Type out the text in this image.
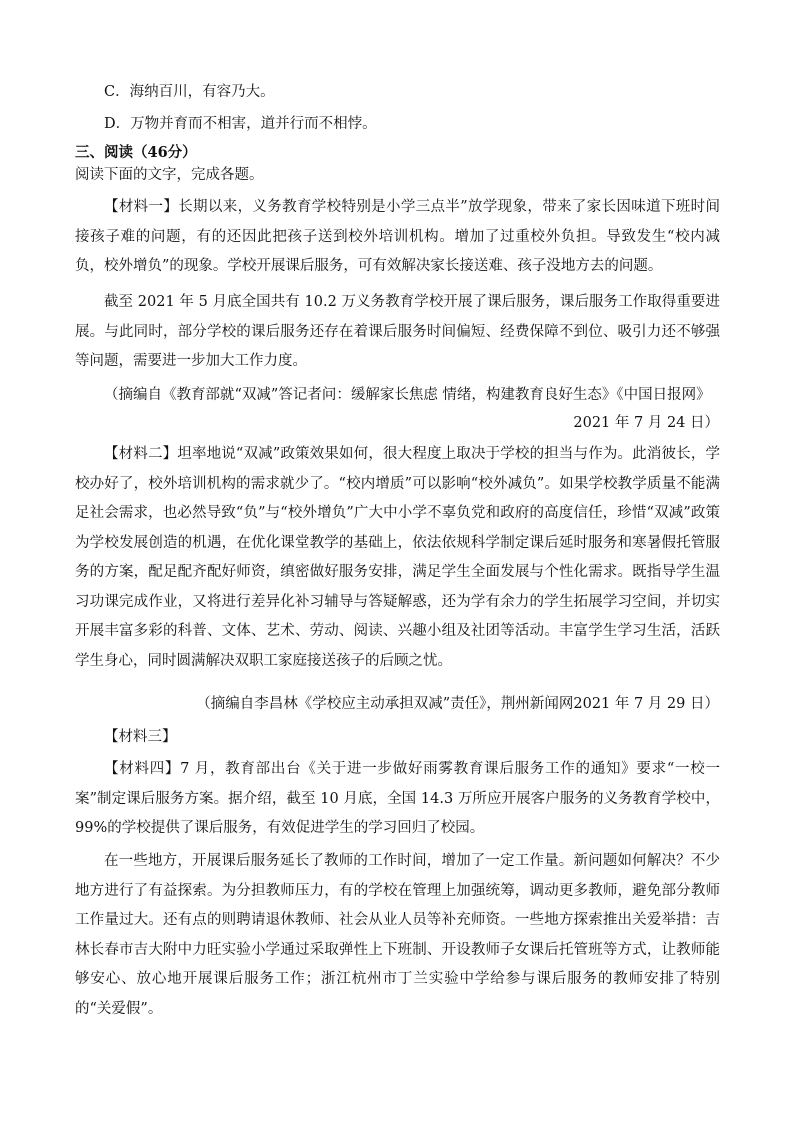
C．海纳百川，有容乃大。
D．万物并育而不相害，道并行而不相悖。
三、阅读（46分）
阅读下面的文字，完成各题。

【材料一】长期以来，义务教育学校特别是小学三点半”放学现象，带来了家长因味道下班时间接孩子难的问题，有的还因此把孩子送到校外培训机构。增加了过重校外负担。导致发生“校内减负，校外增负”的现象。学校开展课后服务，可有效解决家长接送难、孩子没地方去的问题。

截至 2021 年 5 月底全国共有 10.2 万义务教育学校开展了课后服务，课后服务工作取得重要进展。与此同时，部分学校的课后服务还存在着课后服务时间偏短、经费保障不到位、吸引力还不够强等问题，需要进一步加大工作力度。

（摘编自《教育部就“双减”答记者问：缓解家长焦虑 情绪，构建教育良好生态》《中国日报网》
2021 年 7 月 24 日）

【材料二】坦率地说“双减”政策效果如何，很大程度上取决于学校的担当与作为。此消彼长，学校办好了，校外培训机构的需求就少了。“校内增质”可以影响“校外减负”。如果学校教学质量不能满足社会需求，也必然导致“负”与“校外增负”广大中小学不辜负党和政府的高度信任，珍惜“双减”政策为学校发展创造的机遇，在优化课堂教学的基础上，依法依规科学制定课后延时服务和寒暑假托管服务的方案，配足配齐配好师资，缜密做好服务安排，满足学生全面发展与个性化需求。既指导学生温习功课完成作业，又将进行差异化补习辅导与答疑解惑，还为学有余力的学生拓展学习空间，并切实开展丰富多彩的科普、文体、艺术、劳动、阅读、兴趣小组及社团等活动。丰富学生学习生活，活跃学生身心，同时圆满解决双职工家庭接送孩子的后顾之忧。

（摘编自李昌林《学校应主动承担双减”责任》，荆州新闻网2021 年 7 月 29 日）
【材料三】

【材料四】7 月，教育部出台《关于进一步做好雨雾教育课后服务工作的通知》要求“一校一案”制定课后服务方案。据介绍，截至 10 月底，全国 14.3 万所应开展客户服务的义务教育学校中，99%的学校提供了课后服务，有效促进学生的学习回归了校园。

在一些地方，开展课后服务延长了教师的工作时间，增加了一定工作量。新问题如何解决？不少地方进行了有益探索。为分担教师压力，有的学校在管理上加强统筹，调动更多教师，避免部分教师工作量过大。还有点的则聘请退休教师、社会从业人员等补充师资。一些地方探索推出关爱举措：吉林长春市吉大附中力旺实验小学通过采取弹性上下班制、开设教师子女课后托管班等方式，让教师能够安心、放心地开展课后服务工作；浙江杭州市丁兰实验中学给参与课后服务的教师安排了特别的“关爱假”。
